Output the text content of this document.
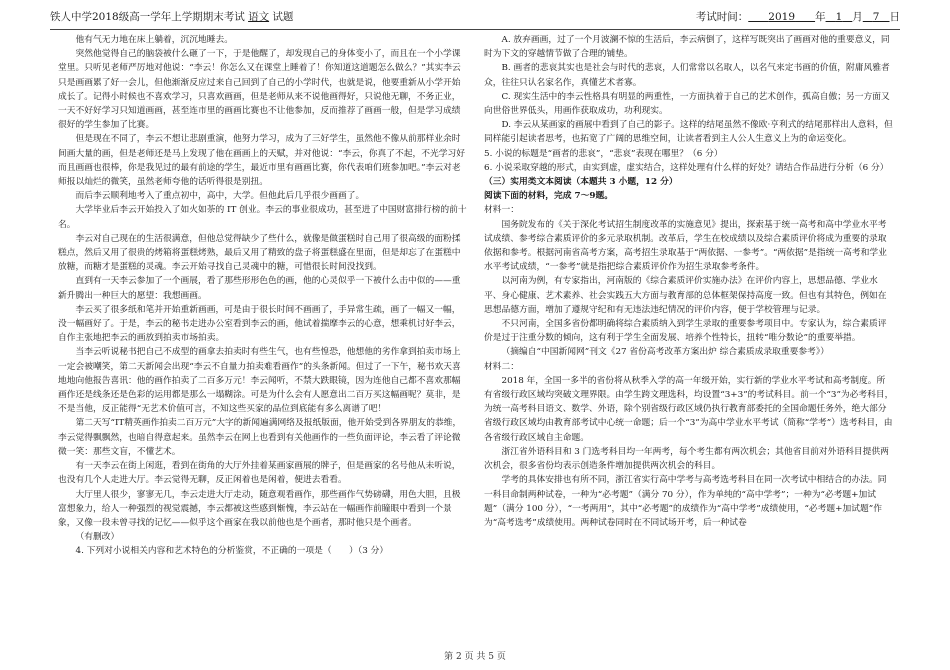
铁人中学2018级高一学年上学期期末考试 语文 试题	考试时间： 2019 年 1 月 7 日

他有气无力地在床上躺着，沉沉地睡去。

突然他觉得自己的脑袋被什么砸了一下，于是他醒了，却发现自己的身体变小了，而且在一个小学课堂里。只听见老师严厉地对他说：“李云！你怎么又在课堂上睡着了！你知道这道题怎么做么？”其实李云只是画画累了好一会儿，但他渐渐反应过来自己回到了自己的小学时代，也就是说，他要重新从小学开始成长了。记得小时候也不喜欢学习，只喜欢画画，但是老师从来不说他画得好，只说他无聊，不务正业，一天不好好学习只知道画画，甚至连市里的画画比赛也不让他参加，反而推荐了画画一般，但是学习成绩很好的学生参加了比赛。

但是现在不同了，李云不想让悲剧重演，他努力学习，成为了三好学生，虽然他不像从前那样业余时间画大量的画，但是老师还是马上发现了他在画画上的天赋，并对他说：“李云，你真了不起，不光学习好而且画画也很棒，你是我见过的最有前途的学生，最近市里有画画比赛，你代表咱们班参加吧。”李云对老师报以灿烂的微笑，虽然老师夸他的话听得很是别扭。

而后李云顺利地考入了重点初中，高中，大学。但他此后几乎很少画画了。

大学毕业后李云开始投入了如火如荼的 IT 创业。李云的事业很成功，甚至进了中国财富排行榜的前十名。

李云对自己现在的生活很满意，但他总觉得缺少了些什么，就像是做蛋糕时自己用了很高级的面粉揉糕点，然后又用了很贵的烤箱将蛋糕烤熟，最后又用了精致的盘子将蛋糕盛在里面，但是却忘了在蛋糕中放糖，而糖才是蛋糕的灵魂。李云开始寻找自己灵魂中的糖，可惜很长时间没找到。

直到有一天李云参加了一个画展，看了那些形形色色的画，他的心灵似乎一下被什么击中似的——重新升腾出一种巨大的愿望：我想画画。

李云买了很多纸和笔并开始重新画画，可是由于很长时间不画画了，手异常生疏，画了一幅又一幅，没一幅画好了。于是，李云的秘书走进办公室看到李云的画，他试着揣摩李云的心意，想乘机讨好李云，自作主张地把李云的画放到拍卖市场拍卖。

当李云听说秘书把自己不成型的画拿去拍卖时有些生气，也有些惶恐，他想他的劣作拿到拍卖市场上一定会被嘲笑，第二天新闻会出现“李云不自量力拍卖难看画作”的头条新闻。但过了一下午，秘书欢天喜地地向他报告喜讯：他的画作拍卖了二百多万元！李云闻听，不禁大跌眼镜，因为连他自己都不喜欢那幅画作还是线条还是色彩的运用都是那么一塌糊涂。可是为什么会有人愿意出二百万买这幅画呢？莫非，是不是当他，反正能得“无艺术价值可言，不知这些买家的品位到底能有多么离谱了吧！

第二天写“IT精英画作拍卖二百万元”大字的新闻遍满网络及报纸版面，他开始受到各界朋友的恭维，李云觉得飘飘然，也暗自得意起来。虽然李云在网上也看到有关他画作的一些负面评论，李云看了评论微微一笑：那些文盲，不懂艺术。

有一天李云在街上闲逛，看到在街角的大厅外挂着某画家画展的牌子，但是画家的名号他从未听说，也没有几个人走进大厅。李云觉得无聊，反正闲着也是闲着，便进去看看。

大厅里人很少，寥寥无几，李云走进大厅走动，随意观看画作，那些画作气势磅礴，用色大胆，且极富想象力，给人一种强烈的视觉震撼，李云都被这些感到惭愧，李云站在一幅画作前瞳眼中看到一个景象，又像一段未曾寻找的记忆——似乎这个画家在我以前他也是个画者，那时他只是个画者。

（有删改）

4. 下列对小说相关内容和艺术特色的分析鉴赏，不正确的一项是（　　）（3 分）

A. 放弃画画，过了一个月波澜不惊的生活后，李云病倒了，这样写既突出了画画对他的重要意义，同时为下文的穿越情节做了合理的铺垫。

B. 画者的悲哀其实也是社会与时代的悲哀，人们常常以名取人，以名气来定书画的价值，附庸风雅者众，往往只认名家名作，真懂艺术者寡。

C. 现实生活中的李云性格具有明显的两重性，一方面执着于自己的艺术创作，孤高自傲；另一方面又向世俗世界低头，用画作获取成功，功利现实。

D. 李云从某画家的画展中看到了自己的影子。这样的结尾虽然不像欧·亨利式的结尾那样出人意料，但同样能引起读者思考，也拓宽了广阔的思维空间，让读者看到主人公人生意义上为的命运变化。

5. 小说的标题是“画者的悲哀”，“悲哀”表现在哪里？（6 分）

6. 小说采取穿越的形式，由实到虚，虚实结合，这样处理有什么样的好处？请结合作品进行分析（6 分）

（三）实用类文本阅读（本题共 3 小题，12 分）

阅读下面的材料，完成 7～9题。

材料一：

国务院发布的《关于深化考试招生制度改革的实施意见》提出，探索基于统一高考和高中学业水平考试成绩、参考综合素质评价的多元录取机制。改革后，学生在校成绩以及综合素质评价将成为重要的录取依据和参考。根据河南省高考方案，高考招生录取基于“两依据、一参考”。“两依据”是指统一高考和学业水平考试成绩，“一参考”就是指把综合素质评价作为招生录取参考条件。

以河南为例，有专家指出，河南版的《综合素质评价实施办法》在评价内容上，思想品德、学业水平、身心健康、艺术素养、社会实践五大方面与教育部的总体框架保持高度一致。但也有其特色，例如在思想品德方面，增加了遵规守纪和有无违法违纪情况的评价内容，便于学校管理与记录。

不只河南，全国多省份都明确将综合素质纳入到学生录取的重要参考项目中。专家认为，综合素质评价是过于注重分数的倾向，这有利于学生全面发展、培养个性特长，扭转“唯分数论”的重要举措。

（摘编自“中国新闻网”刊文《27 省份高考改革方案出炉 综合素质成录取重要参考》）

材料二：

2018 年，全国一多半的省份将从秋季入学的高一年级开始，实行新的学业水平考试和高考制度。所有省级行政区域均突破文理界限。由学生跨文理选科，均设置“3+3”的考试科目。前一个“3”为必考科目，为统一高考科目语文、数学、外语，除个别省级行政区域仍执行教育部委托的全国命题任务外，绝大部分省级行政区域均由教育部考试中心统一命题；后一个“3”为高中学业水平考试（简称“学考”）选考科目，由各省级行政区域自主命题。

浙江省外语科目和 3 门选考科目均一年两考，每个考生都有两次机会；其他省目前对外语科目提供两次机会，很多省份均表示创造条件增加提供两次机会的科目。

学考的具体安排也有所不同，浙江省实行高中学考与高考选考科目在同一次考试中相结合的办法。同一科目命制两种试卷，一种为“必考题”（满分 70 分），作为单纯的“高中学考”；一种为“必考题+加试题”（满分 100 分），“一考两用”，其中“必考题”的成绩作为“高中学考”成绩使用，“必考题+加试题”作为“高考选考”成绩使用。两种试卷同时在不同试场开考，后一种试卷

第 2 页 共 5 页
